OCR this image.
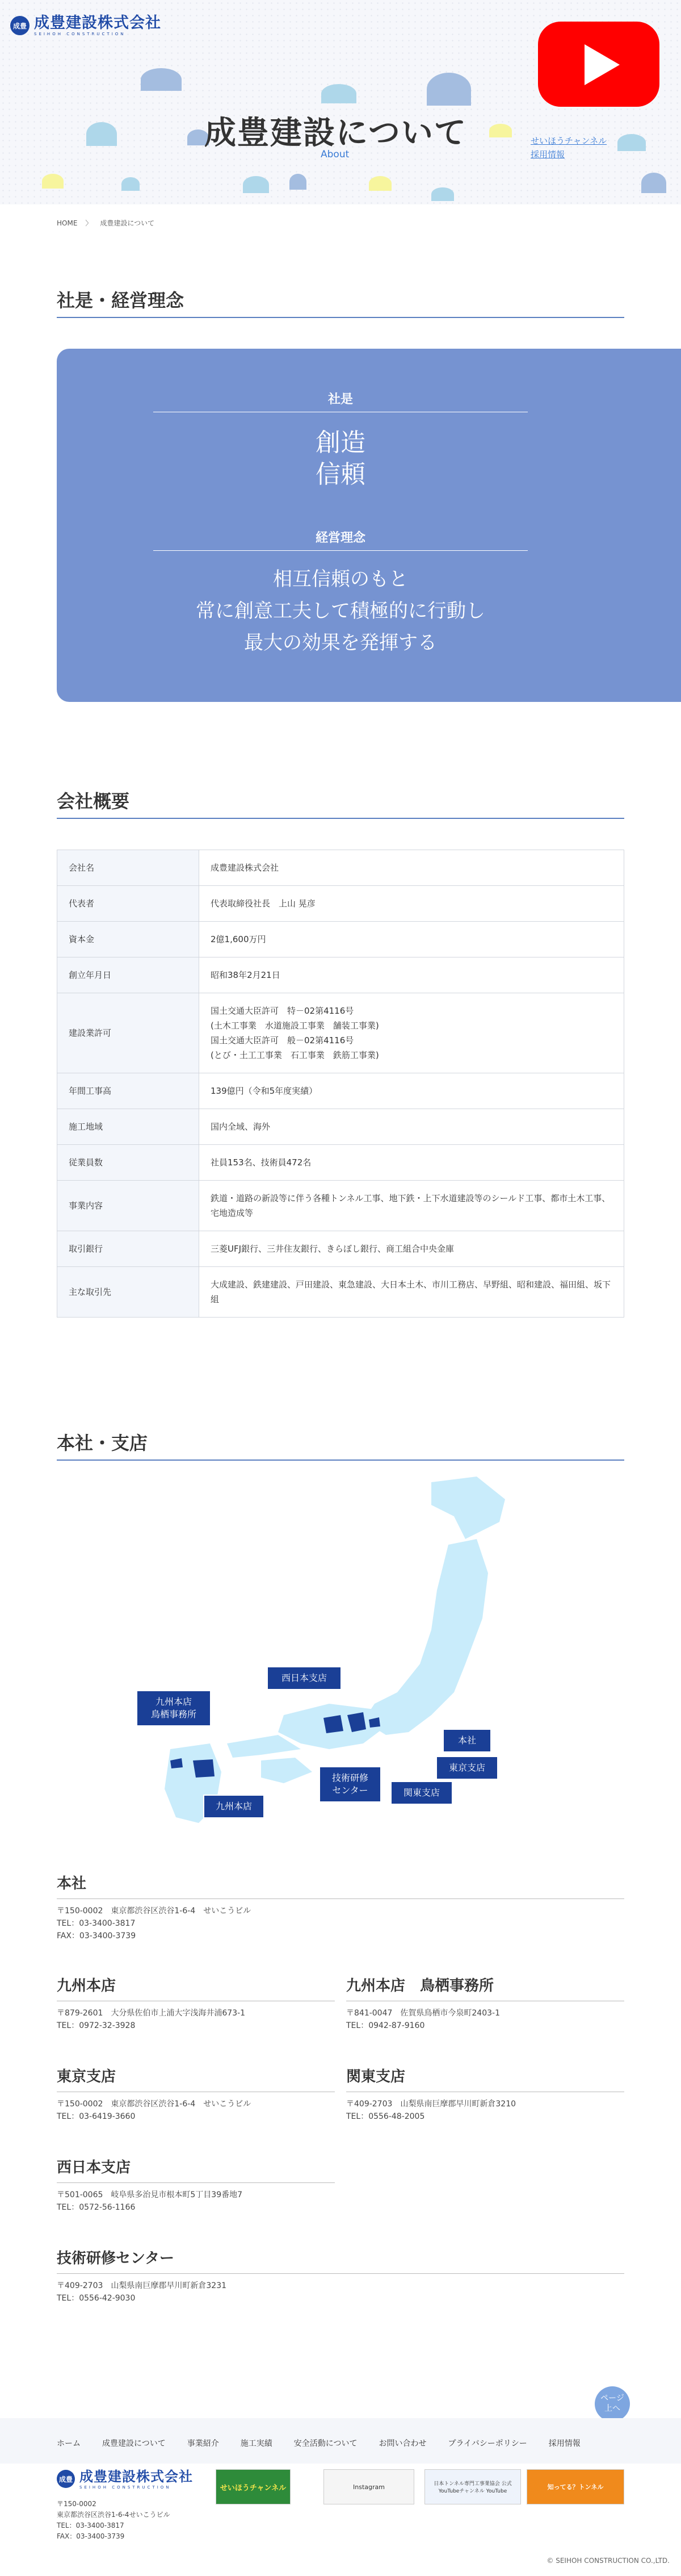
成豊 成豊建設株式会社
SEIHOH CONSTRUCTION
成豊建設について
About
せいほうチャンネル
採用情報
HOME 〉 成豊建設について
社是・経営理念
社是
創造
信頼
経営理念
相互信頼のもと
常に創意工夫して積極的に行動し
最大の効果を発揮する
会社概要
会社名	成豊建設株式会社

代表者	代表取締役社長　上山 晃彦

資本金	2億1,600万円

創立年月日	昭和38年2月21日

建設業許可	国土交通大臣許可　特－02第4116号
(土木工事業　水道施設工事業　舗装工事業)
国土交通大臣許可　般－02第4116号
(とび・土工工事業　石工事業　鉄筋工事業)

年間工事高	139億円（令和5年度実績）

施工地域	国内全域、海外

従業員数	社員153名、技術員472名

事業内容	鉄道・道路の新設等に伴う各種トンネル工事、地下鉄・上下水道建設等のシールド工事、都市土木工事、宅地造成等

取引銀行	三菱UFJ銀行、三井住友銀行、きらぼし銀行、商工組合中央金庫

主な取引先	大成建設、鉄建建設、戸田建設、東急建設、大日本土木、市川工務店、早野組、昭和建設、福田組、坂下組
本社・支店
九州本店
鳥栖事務所
西日本支店
本社
東京支店
技術研修
センター	関東支店
九州本店
本社

〒150-0002　東京都渋谷区渋谷1-6-4　せいこうビル
TEL：03-3400-3817
FAX：03-3400-3739

九州本店

〒879-2601　大分県佐伯市上浦大字浅海井浦673-1
TEL：0972-32-3928

九州本店　鳥栖事務所

〒841-0047　佐賀県鳥栖市今泉町2403-1
TEL：0942-87-9160

東京支店

〒150-0002　東京都渋谷区渋谷1-6-4　せいこうビル
TEL：03-6419-3660

関東支店

〒409-2703　山梨県南巨摩郡早川町新倉3210
TEL：0556-48-2005

西日本支店

〒501-0065　岐阜県多治見市根本町5丁目39番地7
TEL：0572-56-1166

技術研修センター

〒409-2703　山梨県南巨摩郡早川町新倉3231
TEL：0556-42-9030

ページ
上へ
ホーム	成豊建設について	事業紹介	施工実績	安全活動について	お問い合わせ	プライバシーポリシー	採用情報
成豊 成豊建設株式会社
SEIHOH CONSTRUCTION
〒150-0002
東京都渋谷区渋谷1-6-4せいこうビル
TEL：03-3400-3817
FAX：03-3400-3739
せいほうチャンネル	Instagram	日本トンネル専門工事業協会 公式YouTubeチャンネル YouTube
知ってる？トンネル
© SEIHOH CONSTRUCTION CO.,LTD.
